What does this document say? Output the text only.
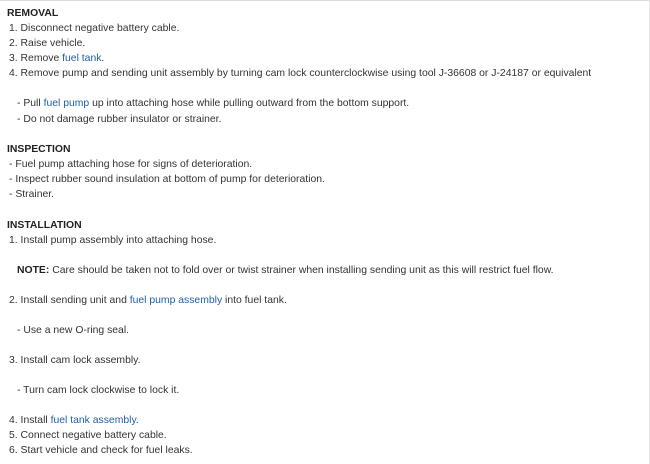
REMOVAL
1. Disconnect negative battery cable.
2. Raise vehicle.
3. Remove fuel tank.
4. Remove pump and sending unit assembly by turning cam lock counterclockwise using tool J-36608 or J-24187 or equivalent
- Pull fuel pump up into attaching hose while pulling outward from the bottom support.
- Do not damage rubber insulator or strainer.
INSPECTION
- Fuel pump attaching hose for signs of deterioration.
- Inspect rubber sound insulation at bottom of pump for deterioration.
- Strainer.
INSTALLATION
1. Install pump assembly into attaching hose.
NOTE: Care should be taken not to fold over or twist strainer when installing sending unit as this will restrict fuel flow.
2. Install sending unit and fuel pump assembly into fuel tank.
- Use a new O-ring seal.
3. Install cam lock assembly.
- Turn cam lock clockwise to lock it.
4. Install fuel tank assembly.
5. Connect negative battery cable.
6. Start vehicle and check for fuel leaks.
